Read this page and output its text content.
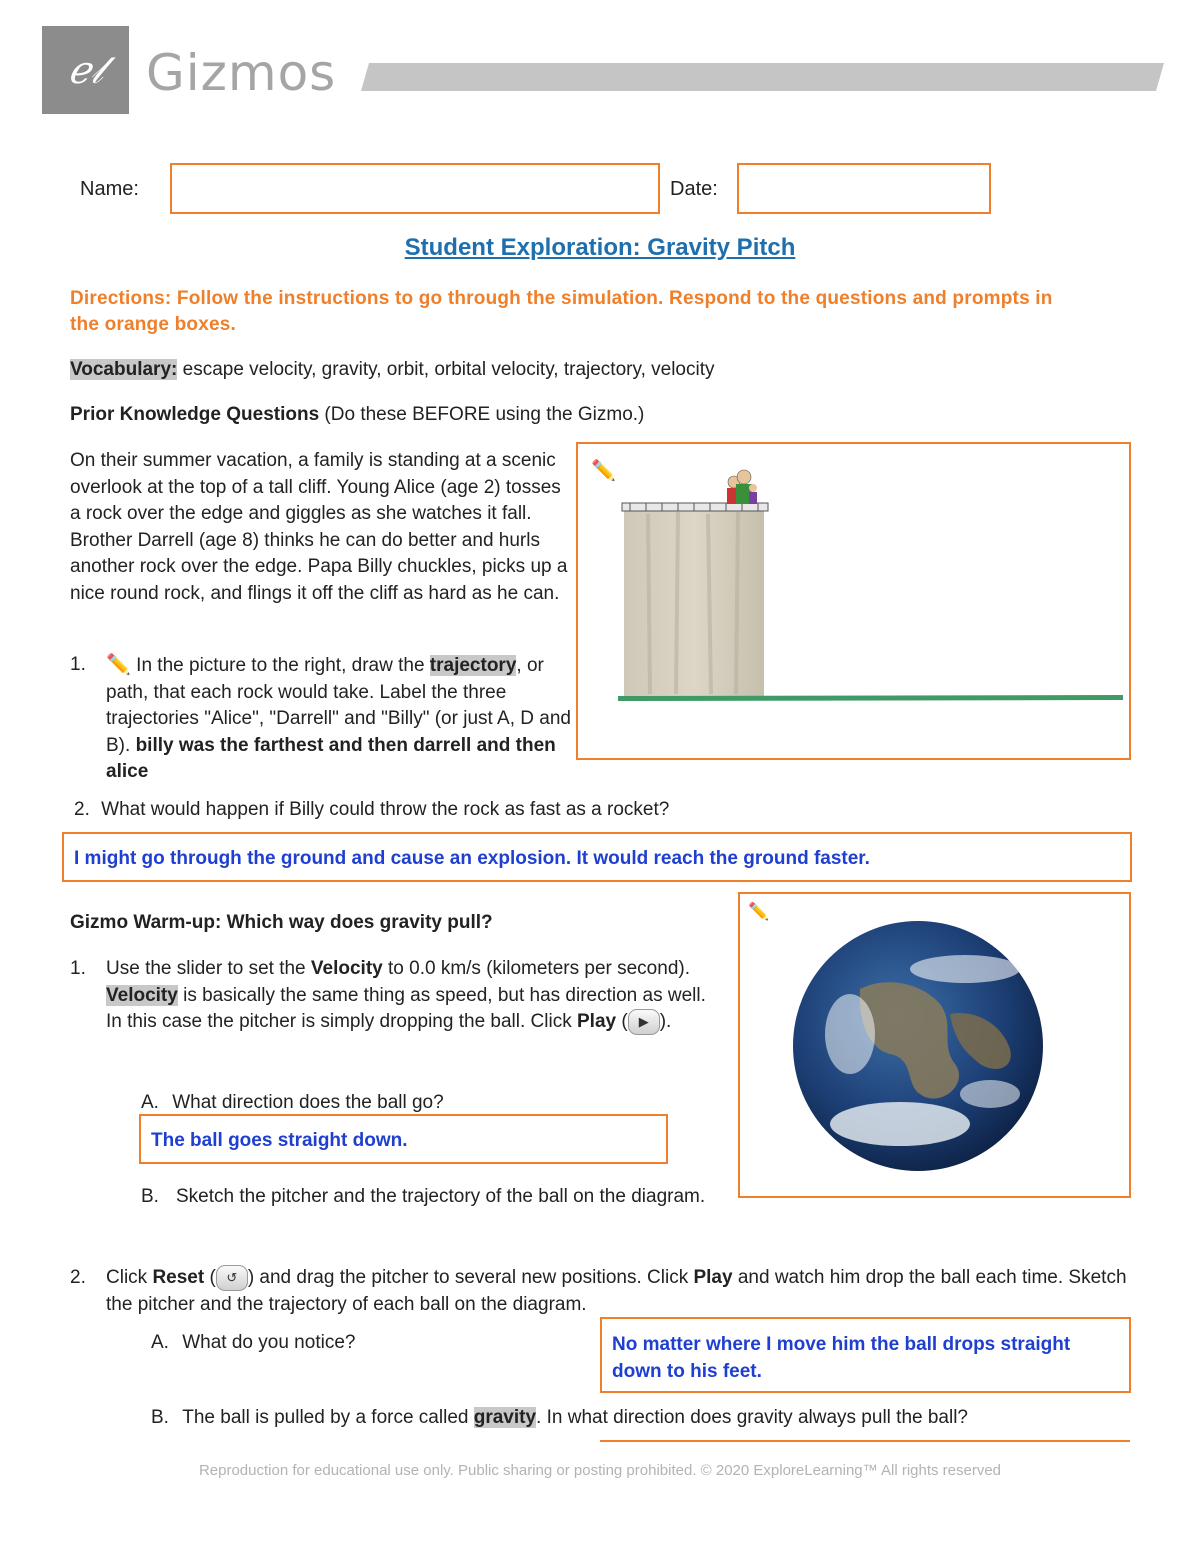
ℯ𝓁 Gizmos
Name:	Date:
Student Exploration: Gravity Pitch
Directions: Follow the instructions to go through the simulation. Respond to the questions and prompts in the orange boxes.
Vocabulary: escape velocity, gravity, orbit, orbital velocity, trajectory, velocity
Prior Knowledge Questions (Do these BEFORE using the Gizmo.)
On their summer vacation, a family is standing at a scenic overlook at the top of a tall cliff. Young Alice (age 2) tosses a rock over the edge and giggles as she watches it fall. Brother Darrell (age 8) thinks he can do better and hurls another rock over the edge. Papa Billy chuckles, picks up a nice round rock, and flings it off the cliff as hard as he can.
1. ✏️ In the picture to the right, draw the trajectory, or path, that each rock would take. Label the three trajectories "Alice", "Darrell" and "Billy" (or just A, D and B). billy was the farthest and then darrell and then alice
✏️
2. What would happen if Billy could throw the rock as fast as a rocket?
I might go through the ground and cause an explosion. It would reach the ground faster.
Gizmo Warm-up: Which way does gravity pull?
1. Use the slider to set the Velocity to 0.0 km/s (kilometers per second). Velocity is basically the same thing as speed, but has direction as well. In this case the pitcher is simply dropping the ball. Click Play ( ▶ ).
A. What direction does the ball go?
The ball goes straight down.
B. Sketch the pitcher and the trajectory of the ball on the diagram.
✏️
2. Click Reset ( ↺ ) and drag the pitcher to several new positions. Click Play and watch him drop the ball each time. Sketch the pitcher and the trajectory of each ball on the diagram.
A. What do you notice?	No matter where I move him the ball drops straight down to his feet.
B. The ball is pulled by a force called gravity. In what direction does gravity always pull the ball?
Reproduction for educational use only. Public sharing or posting prohibited. © 2020 ExploreLearning™ All rights reserved
